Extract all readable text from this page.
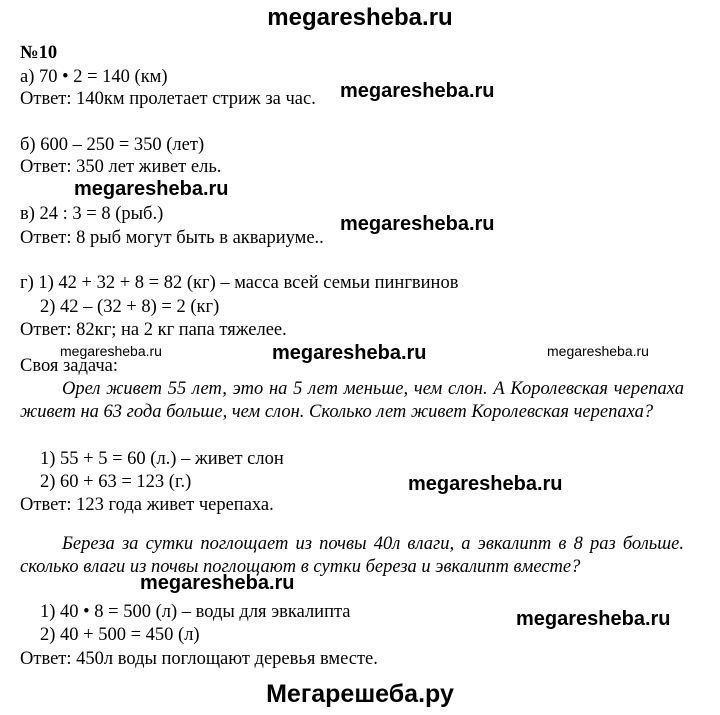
megaresheba.ru
№10
а) 70 • 2 = 140 (км)
Ответ: 140км пролетает стриж за час. megaresheba.ru
б) 600 – 250 = 350 (лет)
Ответ: 350 лет живет ель.
megaresheba.ru
в) 24 : 3 = 8 (рыб.)
Ответ: 8 рыб могут быть в аквариуме..
megaresheba.ru
г) 1) 42 + 32 + 8 = 82 (кг) – масса всей семьи пингвинов
2) 42 – (32 + 8) = 2 (кг)
Ответ: 82кг; на 2 кг папа тяжелее.
megaresheba.ru	megaresheba.ru	megaresheba.ru
Своя задача:
Орел живет 55 лет, это на 5 лет меньше, чем слон. А Королевская черепаха живет на 63 года больше, чем слон. Сколько лет живет Королевская черепаха?
1) 55 + 5 = 60 (л.) – живет слон
2) 60 + 63 = 123 (г.)	megaresheba.ru
Ответ: 123 года живет черепаха.
Береза за сутки поглощает из почвы 40л влаги, а эвкалипт в 8 раз больше. сколько влаги из почвы поглощают в сутки береза и эвкалипт вместе?
megaresheba.ru
1) 40 • 8 = 500 (л) – воды для эвкалипта	megaresheba.ru
2) 40 + 500 = 450 (л)
Ответ: 450л воды поглощают деревья вместе.
Мегарешеба.ру
